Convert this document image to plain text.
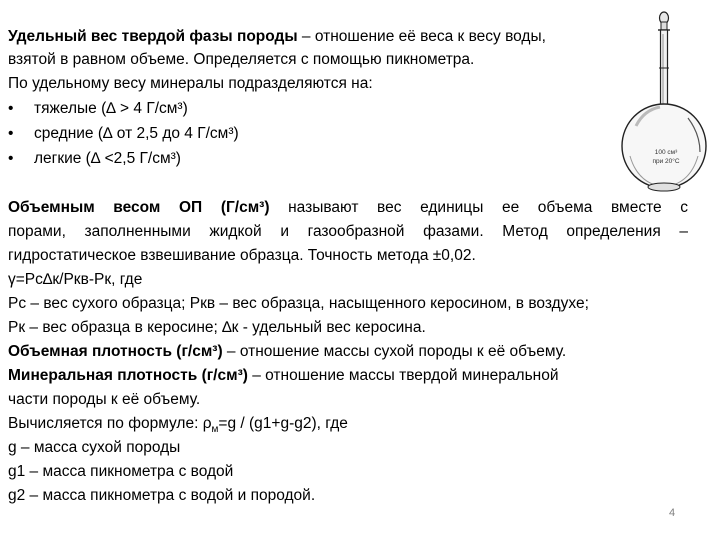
Удельный вес твердой фазы породы – отношение её веса к весу воды,
взятой в равном объеме. Определяется с помощью пикнометра.
По удельному весу минералы подразделяются на:
• тяжелые (∆ > 4 Г/см³)
• средние (∆ от 2,5 до 4 Г/см³)
• легкие (∆ <2,5 Г/см³)	100 см³
при 20°С
Объемным весом ОП (Г/см³) называют вес единицы ее объема вместе с
порами, заполненными жидкой и газообразной фазами. Метод определения –
гидростатическое взвешивание образца. Точность метода ±0,02.
γ=Рс∆к/Ркв-Рк, где
Рс – вес сухого образца; Ркв – вес образца, насыщенного керосином, в воздухе;
Рк – вес образца в керосине; ∆к - удельный вес керосина.
Объемная плотность (г/см³) – отношение массы сухой породы к её объему.
Минеральная плотность (г/см³) – отношение массы твердой минеральной
части породы к её объему.
Вычисляется по формуле: $\rho_м=g / (g1+g-g2)$, где
g – масса сухой породы
g1 – масса пикнометра с водой
g2 – масса пикнометра с водой и породой.
4
